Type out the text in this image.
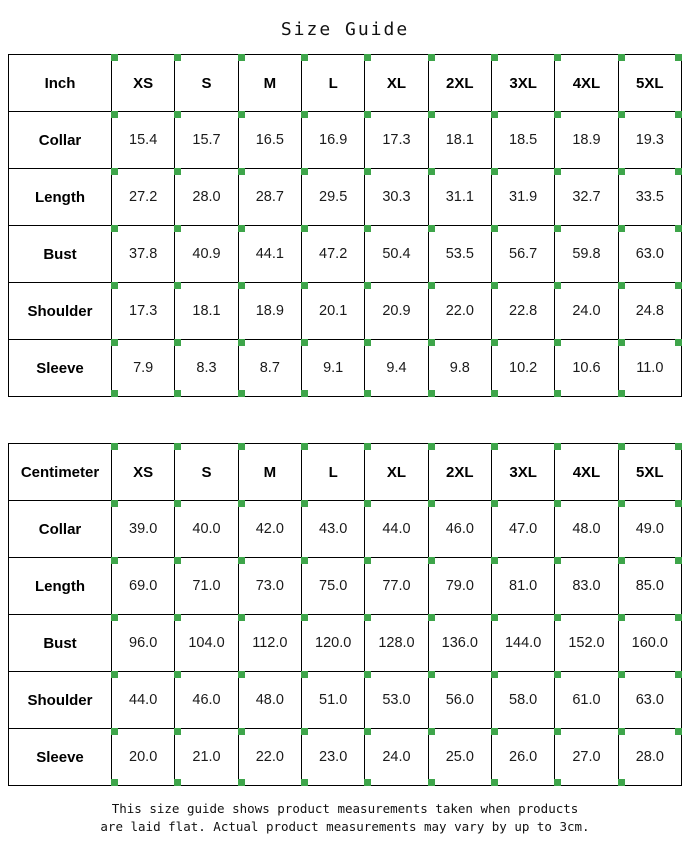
Size Guide
Inch	XS	S	M	L	XL	2XL	3XL	4XL	5XL

Collar	15.4	15.7	16.5	16.9	17.3	18.1	18.5	18.9	19.3

Length	27.2	28.0	28.7	29.5	30.3	31.1	31.9	32.7	33.5

Bust	37.8	40.9	44.1	47.2	50.4	53.5	56.7	59.8	63.0

Shoulder	17.3	18.1	18.9	20.1	20.9	22.0	22.8	24.0	24.8

Sleeve	7.9	8.3	8.7	9.1	9.4	9.8	10.2	10.6	11.0
Centimeter	XS	S	M	L	XL	2XL	3XL	4XL	5XL

Collar	39.0	40.0	42.0	43.0	44.0	46.0	47.0	48.0	49.0

Length	69.0	71.0	73.0	75.0	77.0	79.0	81.0	83.0	85.0

Bust	96.0	104.0	112.0	120.0	128.0	136.0	144.0	152.0	160.0

Shoulder	44.0	46.0	48.0	51.0	53.0	56.0	58.0	61.0	63.0

Sleeve	20.0	21.0	22.0	23.0	24.0	25.0	26.0	27.0	28.0
This size guide shows product measurements taken when products
are laid flat. Actual product measurements may vary by up to 3cm.
